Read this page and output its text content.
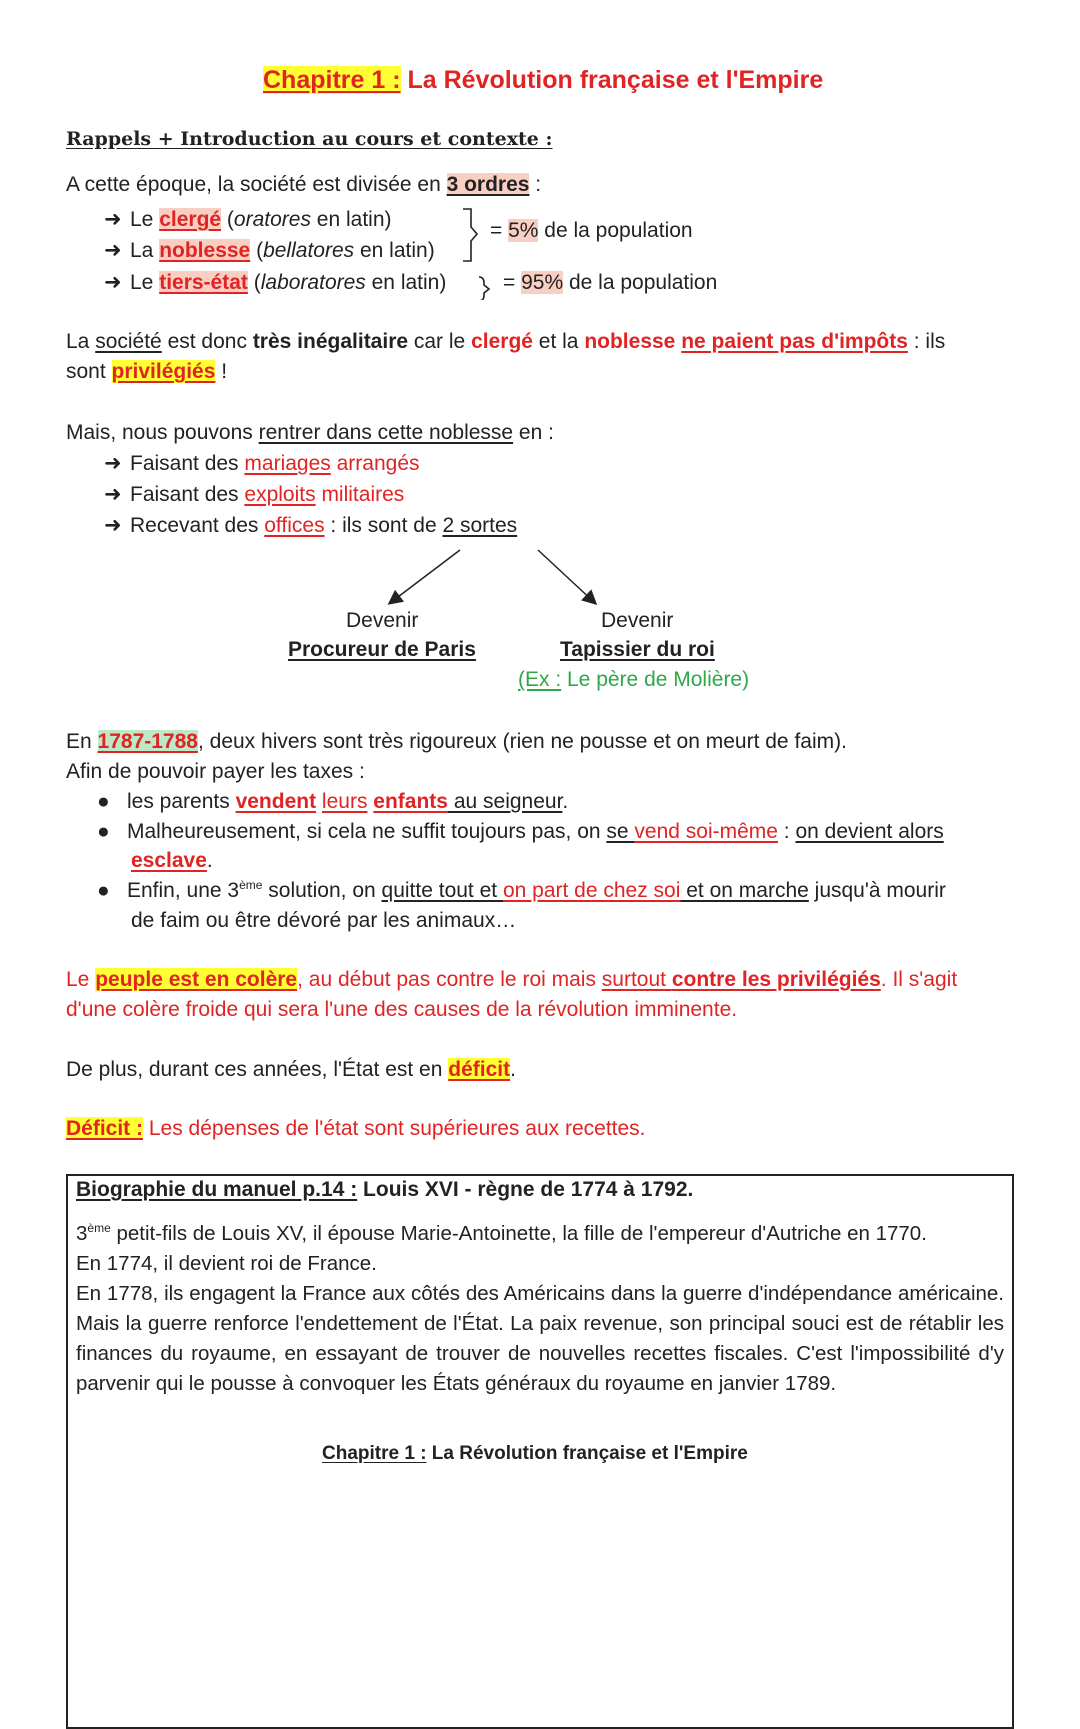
Chapitre 1 : La Révolution française et l'Empire
Rappels + Introduction au cours et contexte :
A cette époque, la société est divisée en 3 ordres :
➜ Le clergé (oratores en latin)
➜ La noblesse (bellatores en latin)
➜ Le tiers-état (laboratores en latin)
= 5% de la population
= 95% de la population
La société est donc très inégalitaire car le clergé et la noblesse ne paient pas d'impôts : ils
sont privilégiés !
Mais, nous pouvons rentrer dans cette noblesse en :
➜ Faisant des mariages arrangés
➜ Faisant des exploits militaires
➜ Recevant des offices : ils sont de 2 sortes
Devenir	Devenir
Procureur de Paris	Tapissier du roi
(Ex : Le père de Molière)
En 1787-1788, deux hivers sont très rigoureux (rien ne pousse et on meurt de faim).
Afin de pouvoir payer les taxes :
● les parents vendent leurs enfants au seigneur.
● Malheureusement, si cela ne suffit toujours pas, on se vend soi-même : on devient alors
esclave.
● Enfin, une 3ème solution, on quitte tout et on part de chez soi et on marche jusqu'à mourir
de faim ou être dévoré par les animaux…
Le peuple est en colère, au début pas contre le roi mais surtout contre les privilégiés. Il s'agit
d'une colère froide qui sera l'une des causes de la révolution imminente.
De plus, durant ces années, l'État est en déficit.
Déficit : Les dépenses de l'état sont supérieures aux recettes.
Biographie du manuel p.14 : Louis XVI - règne de 1774 à 1792.
3ème petit-fils de Louis XV, il épouse Marie-Antoinette, la fille de l'empereur d'Autriche en 1770.
En 1774, il devient roi de France.
En 1778, ils engagent la France aux côtés des Américains dans la guerre d'indépendance américaine. Mais la guerre renforce l'endettement de l'État. La paix revenue, son principal souci est de rétablir les finances du royaume, en essayant de trouver de nouvelles recettes fiscales. C'est l'impossibilité d'y parvenir qui le pousse à convoquer les États généraux du royaume en janvier 1789.
Chapitre 1 : La Révolution française et l'Empire
